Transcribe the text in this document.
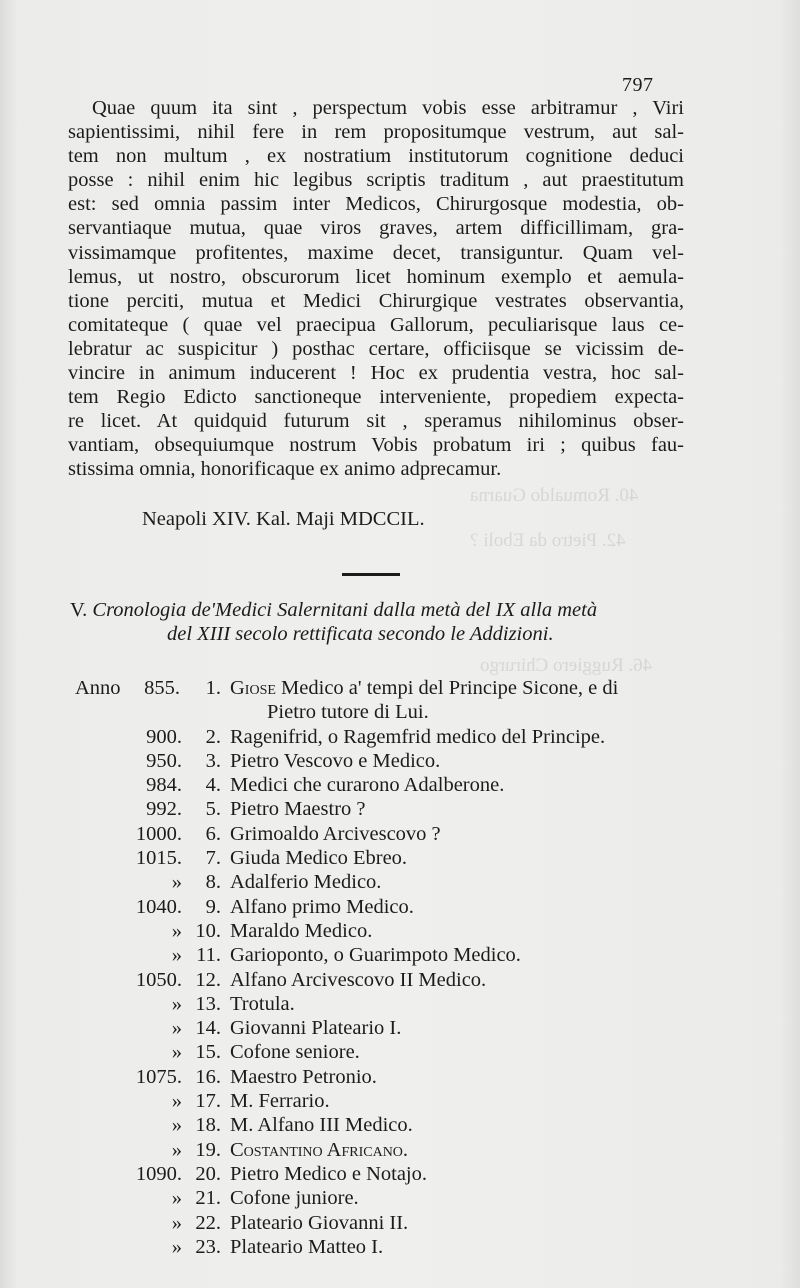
40. Romualdo Guarna
42. Pietro da Eboli ?
46. Ruggiero Chirurgo
797
Quae quum ita sint , perspectum vobis esse arbitramur , Viri
sapientissimi, nihil fere in rem propositumque vestrum, aut sal-
tem non multum , ex nostratium institutorum cognitione deduci
posse : nihil enim hic legibus scriptis traditum , aut praestitutum
est: sed omnia passim inter Medicos, Chirurgosque modestia, ob-
servantiaque mutua, quae viros graves, artem difficillimam, gra-
vissimamque profitentes, maxime decet, transiguntur. Quam vel-
lemus, ut nostro, obscurorum licet hominum exemplo et aemula-
tione perciti, mutua et Medici Chirurgique vestrates observantia,
comitateque ( quae vel praecipua Gallorum, peculiarisque laus ce-
lebratur ac suspicitur ) posthac certare, officiisque se vicissim de-
vincire in animum inducerent ! Hoc ex prudentia vestra, hoc sal-
tem Regio Edicto sanctioneque interveniente, propediem expecta-
re licet. At quidquid futurum sit , speramus nihilominus obser-
vantiam, obsequiumque nostrum Vobis probatum iri ; quibus fau-
stissima omnia, honorificaque ex animo adprecamur.
Neapoli XIV. Kal. Maji MDCCIL.
V. Cronologia de'Medici Salernitani dalla metà del IX alla metà
del XIII secolo rettificata secondo le Addizioni.
Anno	855.	1. Giose Medico a' tempi del Principe Sicone, e di
Pietro tutore di Lui.
900.	2. Ragenifrid, o Ragemfrid medico del Principe.
950.	3. Pietro Vescovo e Medico.
984.	4. Medici che curarono Adalberone.
992.	5. Pietro Maestro ?
1000.	6. Grimoaldo Arcivescovo ?
1015.	7. Giuda Medico Ebreo.
»	8. Adalferio Medico.
1040.	9. Alfano primo Medico.
» 10. Maraldo Medico.
» 11. Garioponto, o Guarimpoto Medico.
1050. 12. Alfano Arcivescovo II Medico.
» 13. Trotula.
» 14. Giovanni Plateario I.
» 15. Cofone seniore.
1075. 16. Maestro Petronio.
» 17. M. Ferrario.
» 18. M. Alfano III Medico.
» 19. Costantino Africano.
1090. 20. Pietro Medico e Notajo.
» 21. Cofone juniore.
» 22. Plateario Giovanni II.
» 23. Plateario Matteo I.
